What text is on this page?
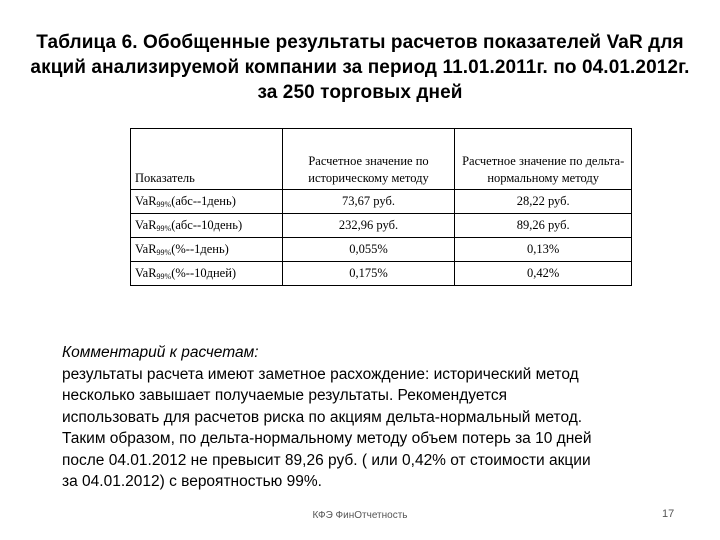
Таблица 6. Обобщенные результаты расчетов показателей VaR для
акций анализируемой компании за период 11.01.2011г. по 04.01.2012г.
за 250 торговых дней
Показатель	Расчетное значение по историческому методу	Расчетное значение по дельта-нормальному методу
VaR$_{99\%}$(абс--1день)	73,67 руб.	28,22 руб.
VaR$_{99\%}$(абс--10день)	232,96 руб.	89,26 руб.
VaR$_{99\%}$(%--1день)	0,055%	0,13%
VaR$_{99\%}$(%--10дней)	0,175%	0,42%
Комментарий к расчетам:
результаты расчета имеют заметное расхождение: исторический метод
несколько завышает получаемые результаты. Рекомендуется
использовать для расчетов риска по акциям дельта-нормальный метод.
Таким образом, по дельта-нормальному методу объем потерь за 10 дней
после 04.01.2012 не превысит 89,26 руб. ( или 0,42% от стоимости акции
за 04.01.2012) с вероятностью 99%.
КФЭ ФинОтчетность	17
